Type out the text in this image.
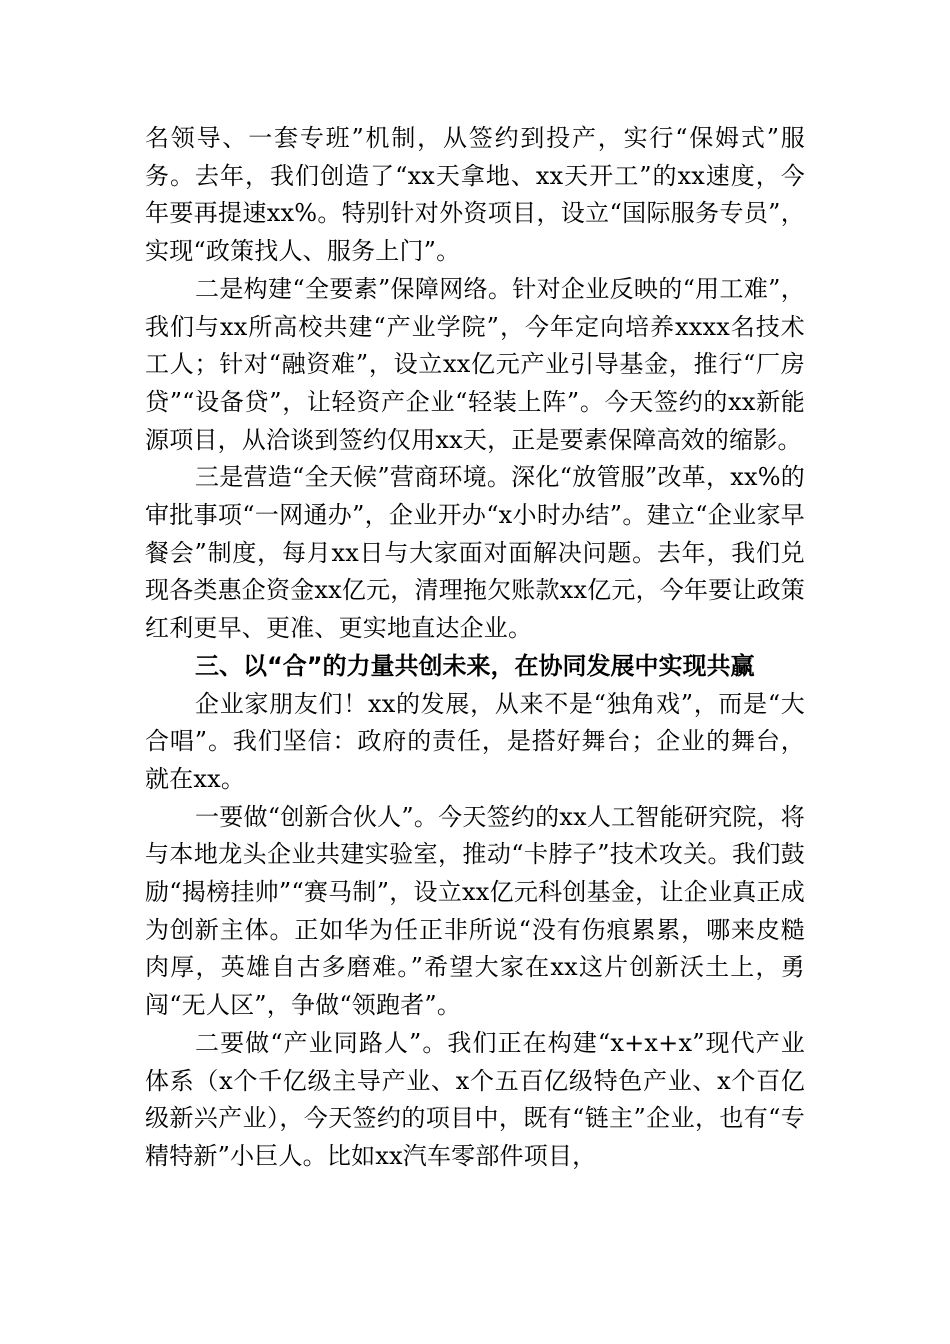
名领导、一套专班”机制，从签约到投产，实行“保姆式”服务。去年，我们创造了“xx天拿地、xx天开工”的xx速度，今年要再提速xx%。特别针对外资项目，设立“国际服务专员”，实现“政策找人、服务上门”。

二是构建“全要素”保障网络。针对企业反映的“用工难”，我们与xx所高校共建“产业学院”，今年定向培养xxxx名技术工人；针对“融资难”，设立xx亿元产业引导基金，推行“厂房贷”“设备贷”，让轻资产企业“轻装上阵”。今天签约的xx新能源项目，从洽谈到签约仅用xx天，正是要素保障高效的缩影。

三是营造“全天候”营商环境。深化“放管服”改革，xx%的审批事项“一网通办”，企业开办“x小时办结”。建立“企业家早餐会”制度，每月xx日与大家面对面解决问题。去年，我们兑现各类惠企资金xx亿元，清理拖欠账款xx亿元，今年要让政策红利更早、更准、更实地直达企业。

三、以“合”的力量共创未来，在协同发展中实现共赢

企业家朋友们！xx的发展，从来不是“独角戏”，而是“大合唱”。我们坚信：政府的责任，是搭好舞台；企业的舞台，就在xx。

一要做“创新合伙人”。今天签约的xx人工智能研究院，将与本地龙头企业共建实验室，推动“卡脖子”技术攻关。我们鼓励“揭榜挂帅”“赛马制”，设立xx亿元科创基金，让企业真正成为创新主体。正如华为任正非所说“没有伤痕累累，哪来皮糙肉厚，英雄自古多磨难。”希望大家在xx这片创新沃土上，勇闯“无人区”，争做“领跑者”。

二要做“产业同路人”。我们正在构建“x+x+x”现代产业体系（x个千亿级主导产业、x个五百亿级特色产业、x个百亿级新兴产业），今天签约的项目中，既有“链主”企业，也有“专精特新”小巨人。比如xx汽车零部件项目，
